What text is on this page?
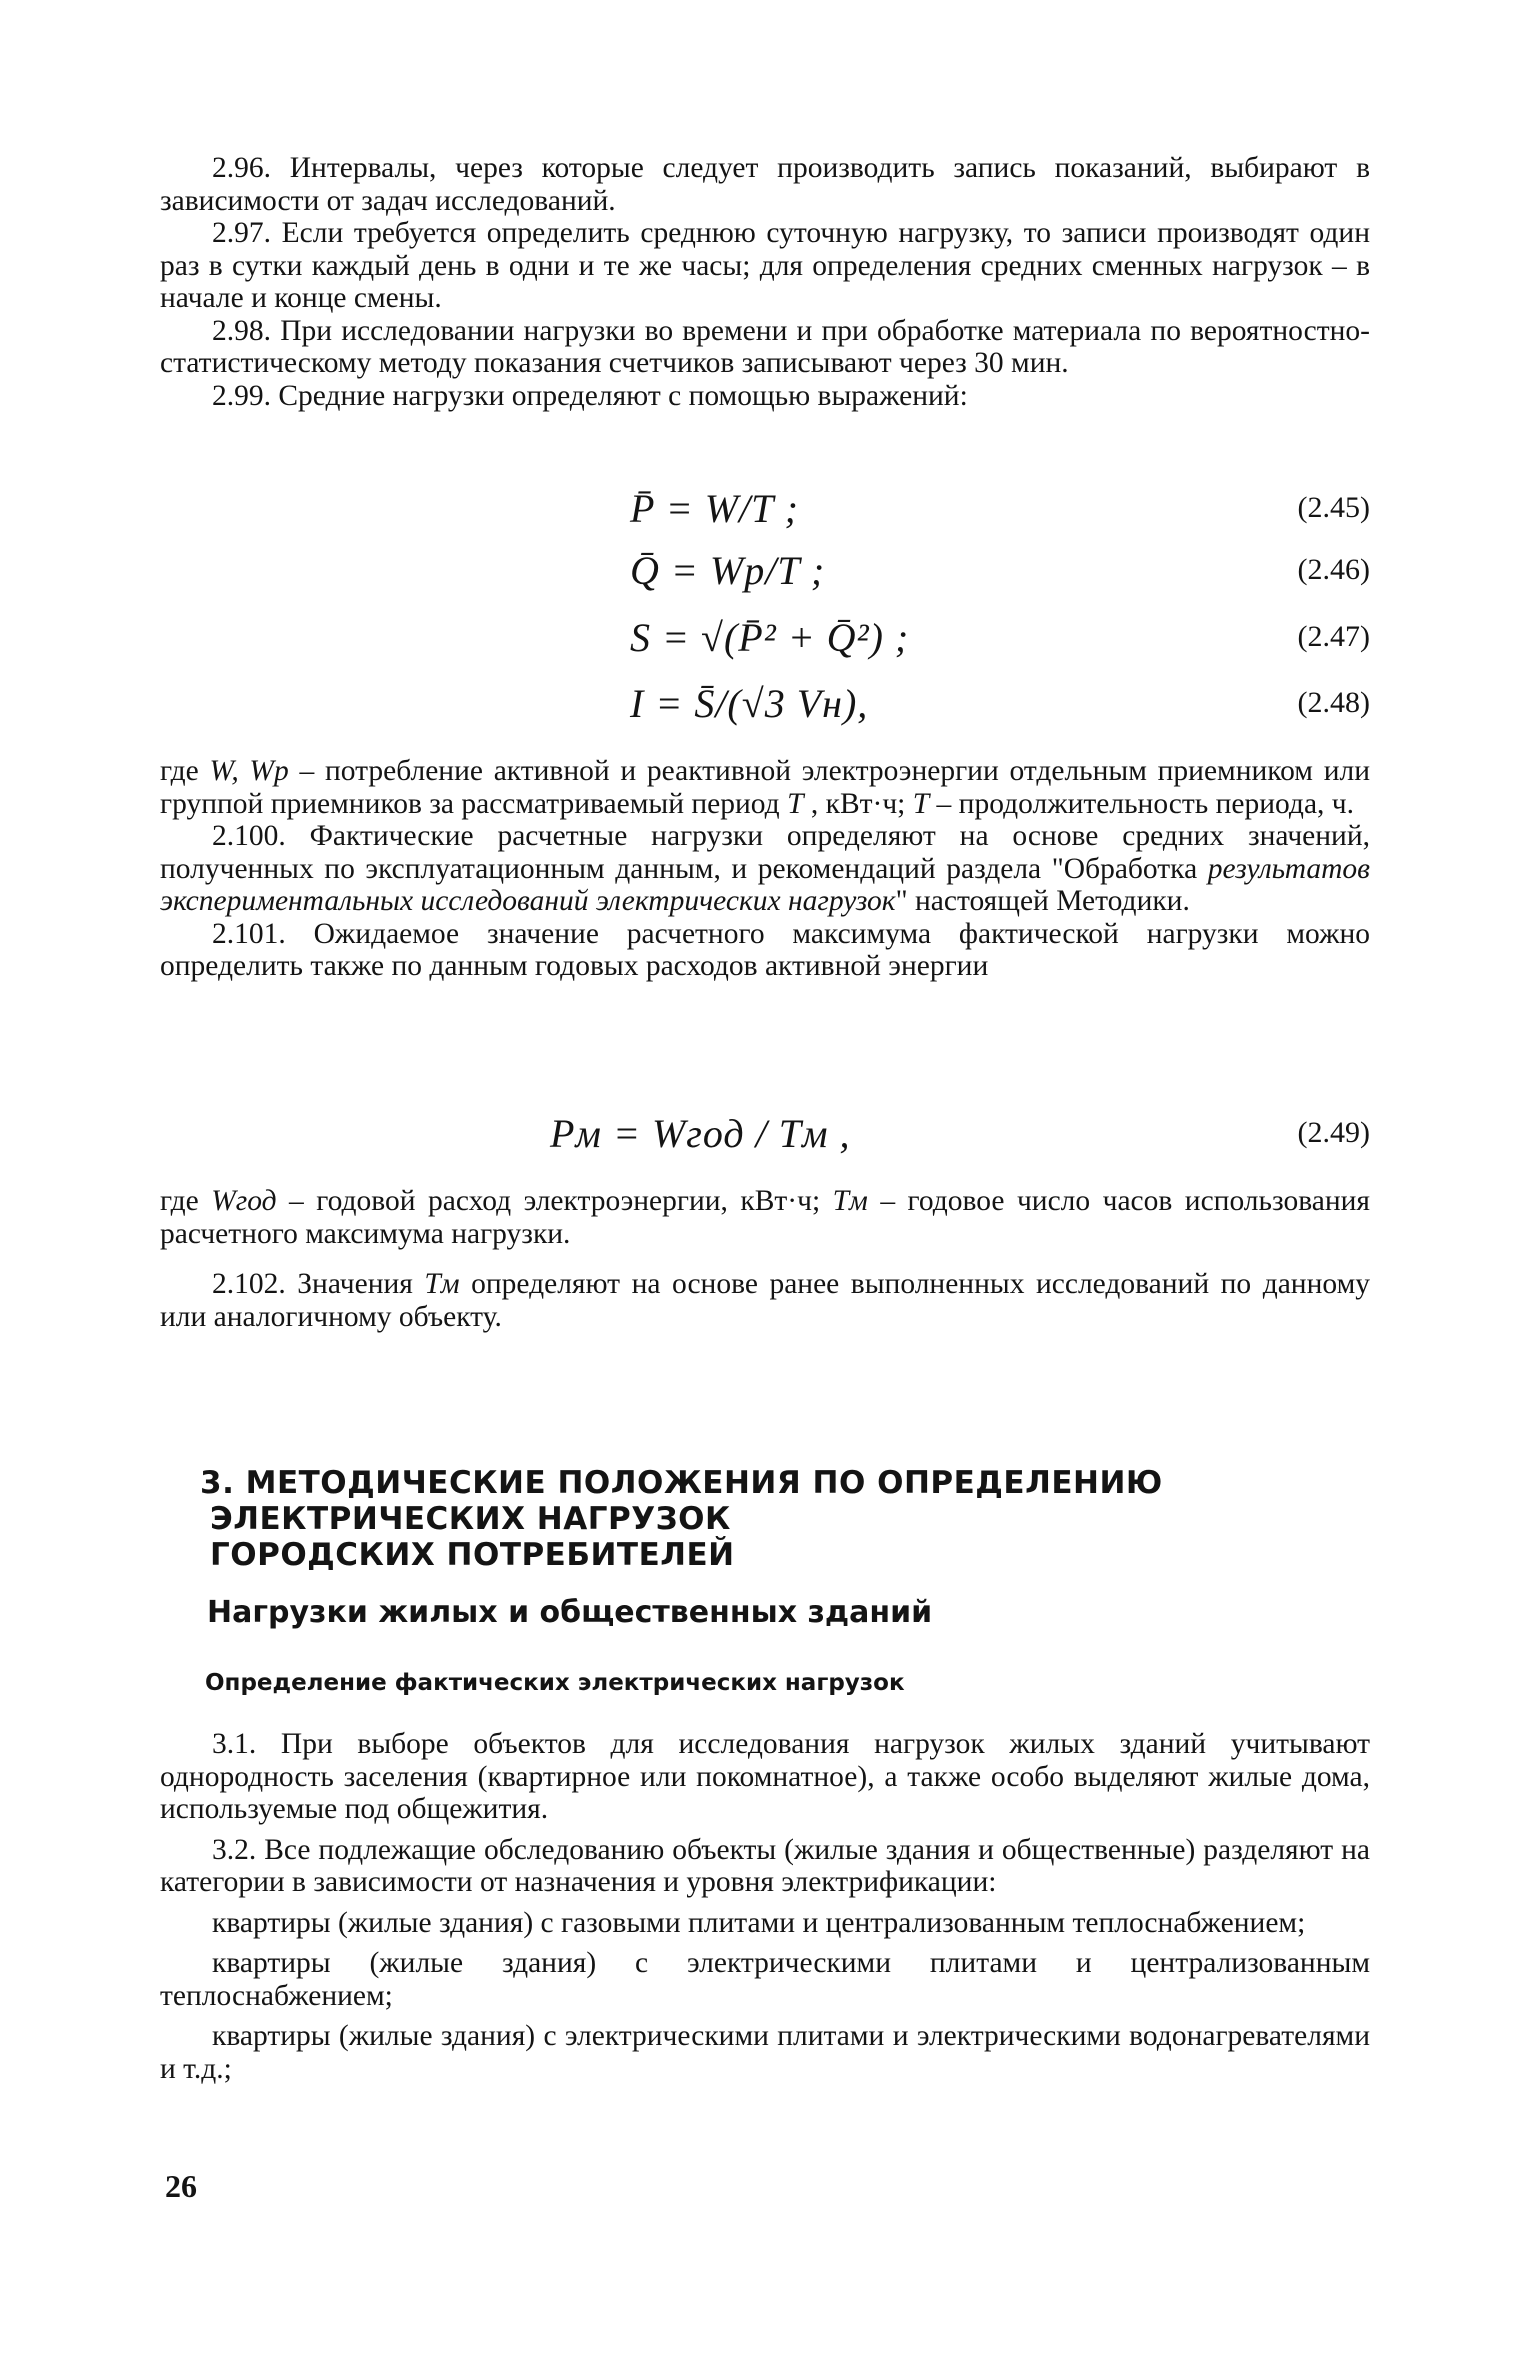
2.96. Интервалы, через которые следует производить запись показаний, выбирают в зависимости от задач исследований.

2.97. Если требуется определить среднюю суточную нагрузку, то записи производят один раз в сутки каждый день в одни и те же часы; для определения средних сменных нагрузок – в начале и конце смены.

2.98. При исследовании нагрузки во времени и при обработке материала по вероятностно-статистическому методу показания счетчиков записывают через 30 мин.

2.99. Средние нагрузки определяют с помощью выражений:

P̄ = W/T ;	(2.45)
Q̄ = Wр/T ;	(2.46)
S = √(P̄² + Q̄²) ;	(2.47)
I = S̄/(√3 Vн),	(2.48)

где W, Wр – потребление активной и реактивной электроэнергии отдельным приемником или группой приемников за рассматриваемый период T , кВт·ч; T – продолжительность периода, ч.

2.100. Фактические расчетные нагрузки определяют на основе средних значений, полученных по эксплуатационным данным, и рекомендаций раздела "Обработка результатов экспериментальных исследований электрических нагрузок" настоящей Методики.

2.101. Ожидаемое значение расчетного максимума фактической нагрузки можно определить также по данным годовых расходов активной энергии

Pм = Wгод / Tм ,	(2.49)

где Wгод – годовой расход электроэнергии, кВт·ч; Tм – годовое число часов использования расчетного максимума нагрузки.

2.102. Значения Tм определяют на основе ранее выполненных исследований по данному или аналогичному объекту.

3. МЕТОДИЧЕСКИЕ ПОЛОЖЕНИЯ ПО ОПРЕДЕЛЕНИЮ
ЭЛЕКТРИЧЕСКИХ НАГРУЗОК
ГОРОДСКИХ ПОТРЕБИТЕЛЕЙ
Нагрузки жилых и общественных зданий
Определение фактических электрических нагрузок

3.1. При выборе объектов для исследования нагрузок жилых зданий учитывают однородность заселения (квартирное или покомнатное), а также особо выделяют жилые дома, используемые под общежития.

3.2. Все подлежащие обследованию объекты (жилые здания и общественные) разделяют на категории в зависимости от назначения и уровня электрификации:

квартиры (жилые здания) с газовыми плитами и централизованным теплоснабжением;

квартиры (жилые здания) с электрическими плитами и централизованным теплоснабжением;

квартиры (жилые здания) с электрическими плитами и электрическими водонагревателями и т.д.;

26
